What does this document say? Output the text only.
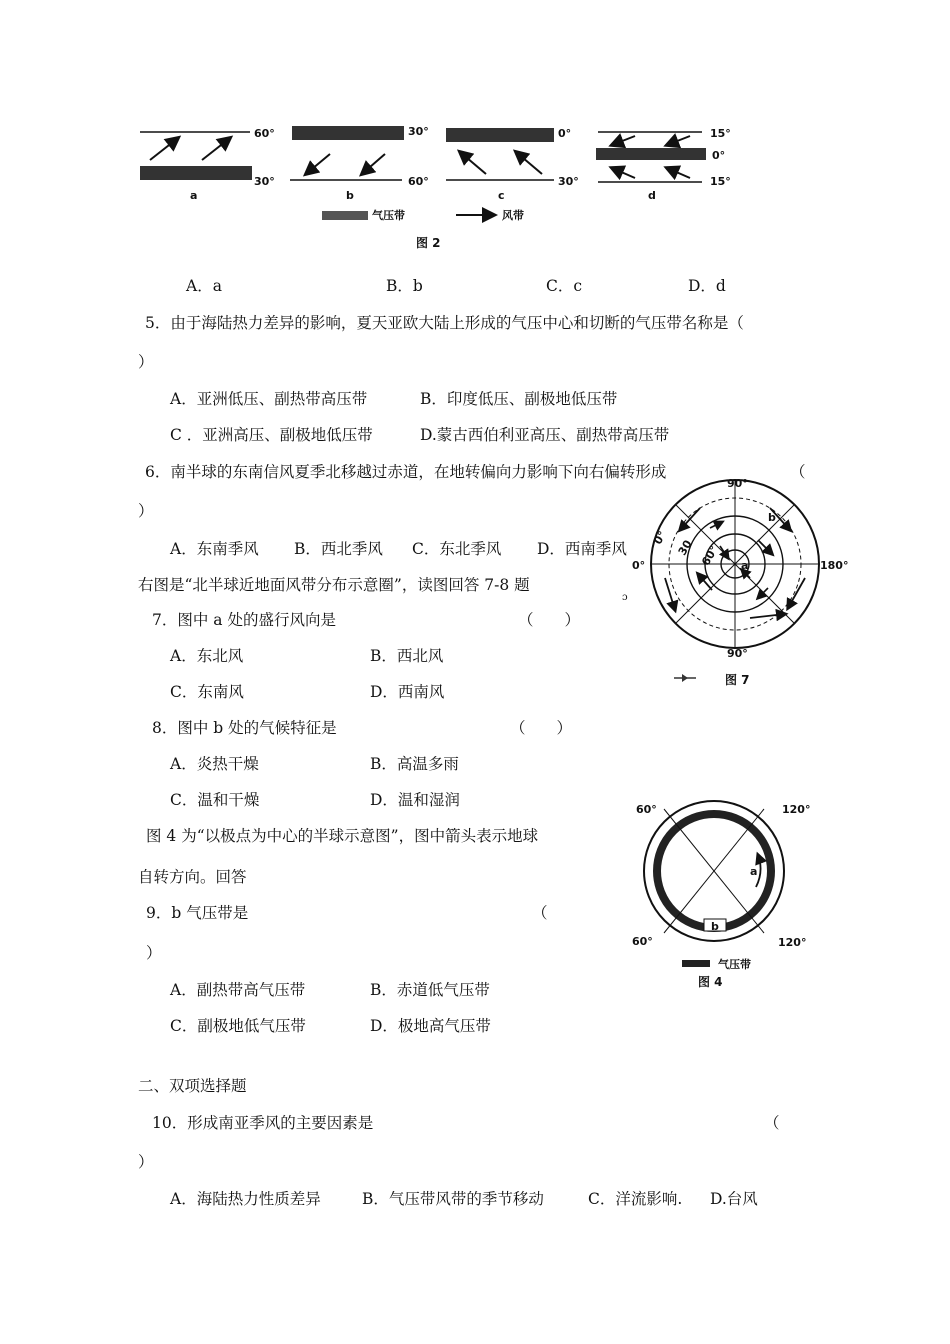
60°
30°
a
30°
60°
b
0°
30°
c
15°
0°
15°
d
气压带	风带
图 2
A．a	B．b	C．c	D．d
5．由于海陆热力差异的影响，夏天亚欧大陆上形成的气压中心和切断的气压带名称是（
）
A．亚洲低压、副热带高压带	B．印度低压、副极地低压带
C ．亚洲高压、副极地低压带	D.蒙古西伯利亚高压、副热带高压带
6．南半球的东南信风夏季北移越过赤道，在地转偏向力影响下向右偏转形成	（
）
A．东南季风 B．西北季风 C．东北季风 D．西南季风
右图是“北半球近地面风带分布示意圈”，读图回答 7-8 题
90°
90°
0°	180°
0°
30 60°	a
b
图 7
ɔ
7．图中 a 处的盛行风向是	（　　）
A．东北风	B．西北风
C．东南风	D．西南风
8．图中 b 处的气候特征是	（　　）
A．炎热干燥	B．高温多雨
C．温和干燥	D．温和湿润
图 4 为“以极点为中心的半球示意图”，图中箭头表示地球
自转方向。回答
60°	120°
60°	120°
a
b
气压带
图 4
9．b 气压带是	（
）
A．副热带高气压带	B．赤道低气压带
C．副极地低气压带	D．极地高气压带
二、双项选择题
10．形成南亚季风的主要因素是	（
）
A．海陆热力性质差异	B．气压带风带的季节移动	C．洋流影响. D.台风
